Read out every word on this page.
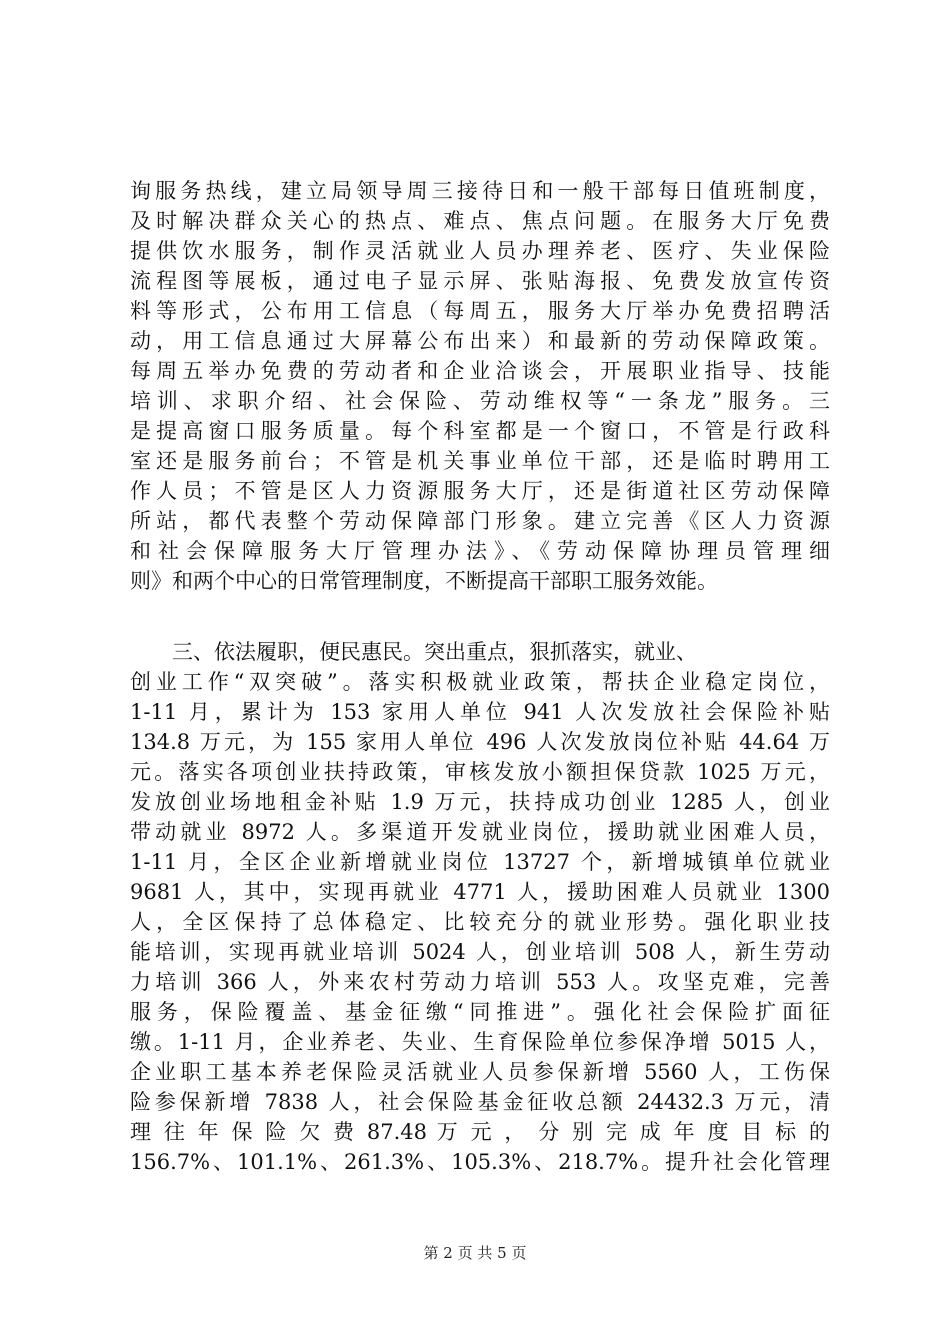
询服务热线，建立局领导周三接待日和一般干部每日值班制度，
及时解决群众关心的热点、难点、焦点问题。在服务大厅免费
提供饮水服务，制作灵活就业人员办理养老、医疗、失业保险
流程图等展板，通过电子显示屏、张贴海报、免费发放宣传资
料等形式，公布用工信息（每周五，服务大厅举办免费招聘活
动，用工信息通过大屏幕公布出来）和最新的劳动保障政策。
每周五举办免费的劳动者和企业洽谈会，开展职业指导、技能
培训、求职介绍、社会保险、劳动维权等“一条龙”服务。三
是提高窗口服务质量。每个科室都是一个窗口，不管是行政科
室还是服务前台；不管是机关事业单位干部，还是临时聘用工
作人员；不管是区人力资源服务大厅，还是街道社区劳动保障
所站，都代表整个劳动保障部门形象。建立完善《区人力资源
和社会保障服务大厅管理办法》、《劳动保障协理员管理细
则》和两个中心的日常管理制度，不断提高干部职工服务效能。
三、依法履职，便民惠民。突出重点，狠抓落实，就业、
创业工作“双突破”。落实积极就业政策，帮扶企业稳定岗位，
1-11 月，累计为 153 家用人单位 941 人次发放社会保险补贴
134.8 万元，为 155 家用人单位 496 人次发放岗位补贴 44.64 万
元。落实各项创业扶持政策，审核发放小额担保贷款 1025 万元，
发放创业场地租金补贴 1.9 万元，扶持成功创业 1285 人，创业
带动就业 8972 人。多渠道开发就业岗位，援助就业困难人员，
1-11 月，全区企业新增就业岗位 13727 个，新增城镇单位就业
9681 人，其中，实现再就业 4771 人，援助困难人员就业 1300
人，全区保持了总体稳定、比较充分的就业形势。强化职业技
能培训，实现再就业培训 5024 人，创业培训 508 人，新生劳动
力培训 366 人，外来农村劳动力培训 553 人。攻坚克难，完善
服务，保险覆盖、基金征缴“同推进”。强化社会保险扩面征
缴。1-11 月，企业养老、失业、生育保险单位参保净增 5015 人，
企业职工基本养老保险灵活就业人员参保新增 5560 人，工伤保
险参保新增 7838 人，社会保险基金征收总额 24432.3 万元，清
理 往 年 保 险 欠 费 87.48 万 元 ， 分 别 完 成 年 度 目 标 的
156.7%、101.1%、261.3%、105.3%、218.7%。提升社会化管理
第 2 页 共 5 页
